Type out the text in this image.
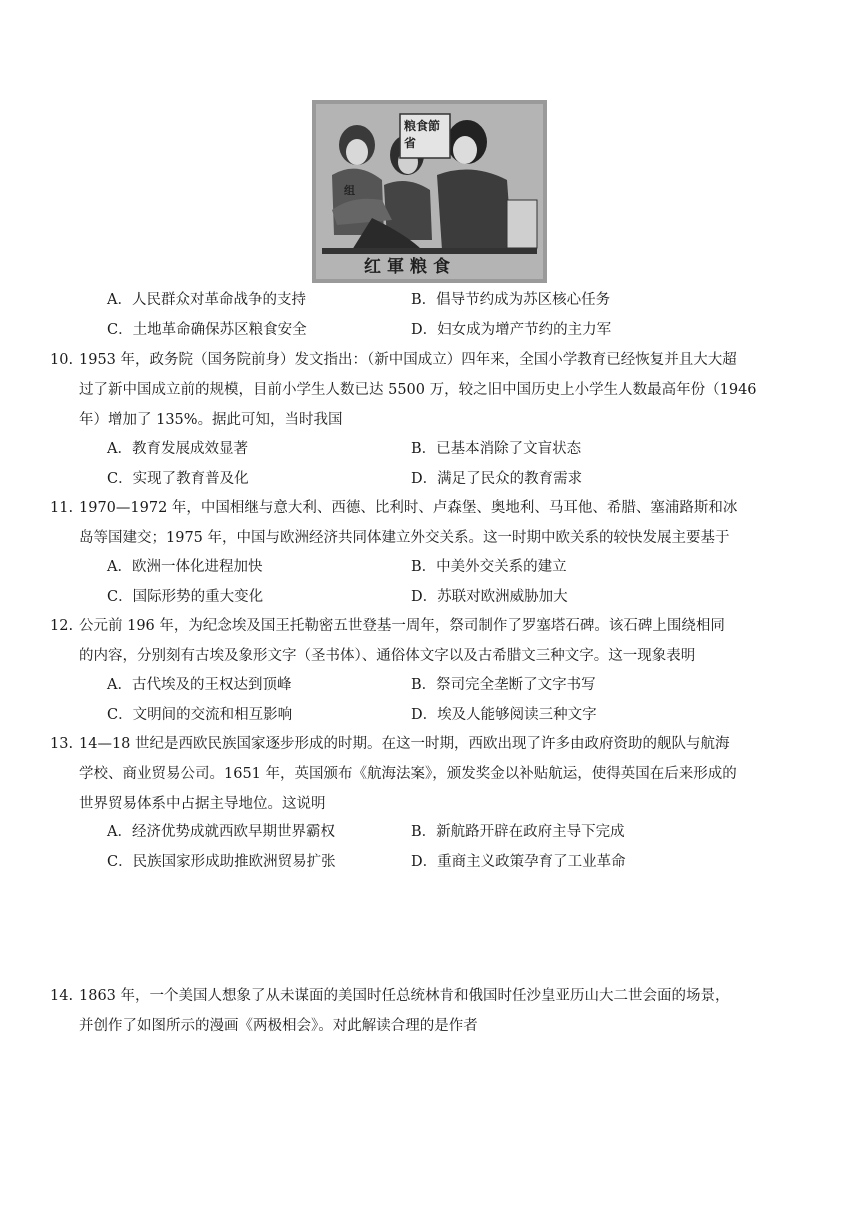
粮食節省
组
红軍粮食
A．人民群众对革命战争的支持	B．倡导节约成为苏区核心任务
C．土地革命确保苏区粮食安全	D．妇女成为增产节约的主力军
10. 1953 年，政务院（国务院前身）发文指出：（新中国成立）四年来，全国小学教育已经恢复并且大大超
过了新中国成立前的规模，目前小学生人数已达 5500 万，较之旧中国历史上小学生人数最高年份（1946
年）增加了 135%。据此可知，当时我国
A．教育发展成效显著	B．已基本消除了文盲状态
C．实现了教育普及化	D．满足了民众的教育需求
11. 1970—1972 年，中国相继与意大利、西德、比利时、卢森堡、奥地利、马耳他、希腊、塞浦路斯和冰
岛等国建交；1975 年，中国与欧洲经济共同体建立外交关系。这一时期中欧关系的较快发展主要基于
A．欧洲一体化进程加快	B．中美外交关系的建立
C．国际形势的重大变化	D．苏联对欧洲威胁加大
12. 公元前 196 年，为纪念埃及国王托勒密五世登基一周年，祭司制作了罗塞塔石碑。该石碑上围绕相同
的内容，分别刻有古埃及象形文字（圣书体）、通俗体文字以及古希腊文三种文字。这一现象表明
A．古代埃及的王权达到顶峰	B．祭司完全垄断了文字书写
C．文明间的交流和相互影响	D．埃及人能够阅读三种文字
13. 14—18 世纪是西欧民族国家逐步形成的时期。在这一时期，西欧出现了许多由政府资助的舰队与航海
学校、商业贸易公司。1651 年，英国颁布《航海法案》，颁发奖金以补贴航运，使得英国在后来形成的
世界贸易体系中占据主导地位。这说明
A．经济优势成就西欧早期世界霸权	B．新航路开辟在政府主导下完成
C．民族国家形成助推欧洲贸易扩张	D．重商主义政策孕育了工业革命
14. 1863 年，一个美国人想象了从未谋面的美国时任总统林肯和俄国时任沙皇亚历山大二世会面的场景，
并创作了如图所示的漫画《两极相会》。对此解读合理的是作者
